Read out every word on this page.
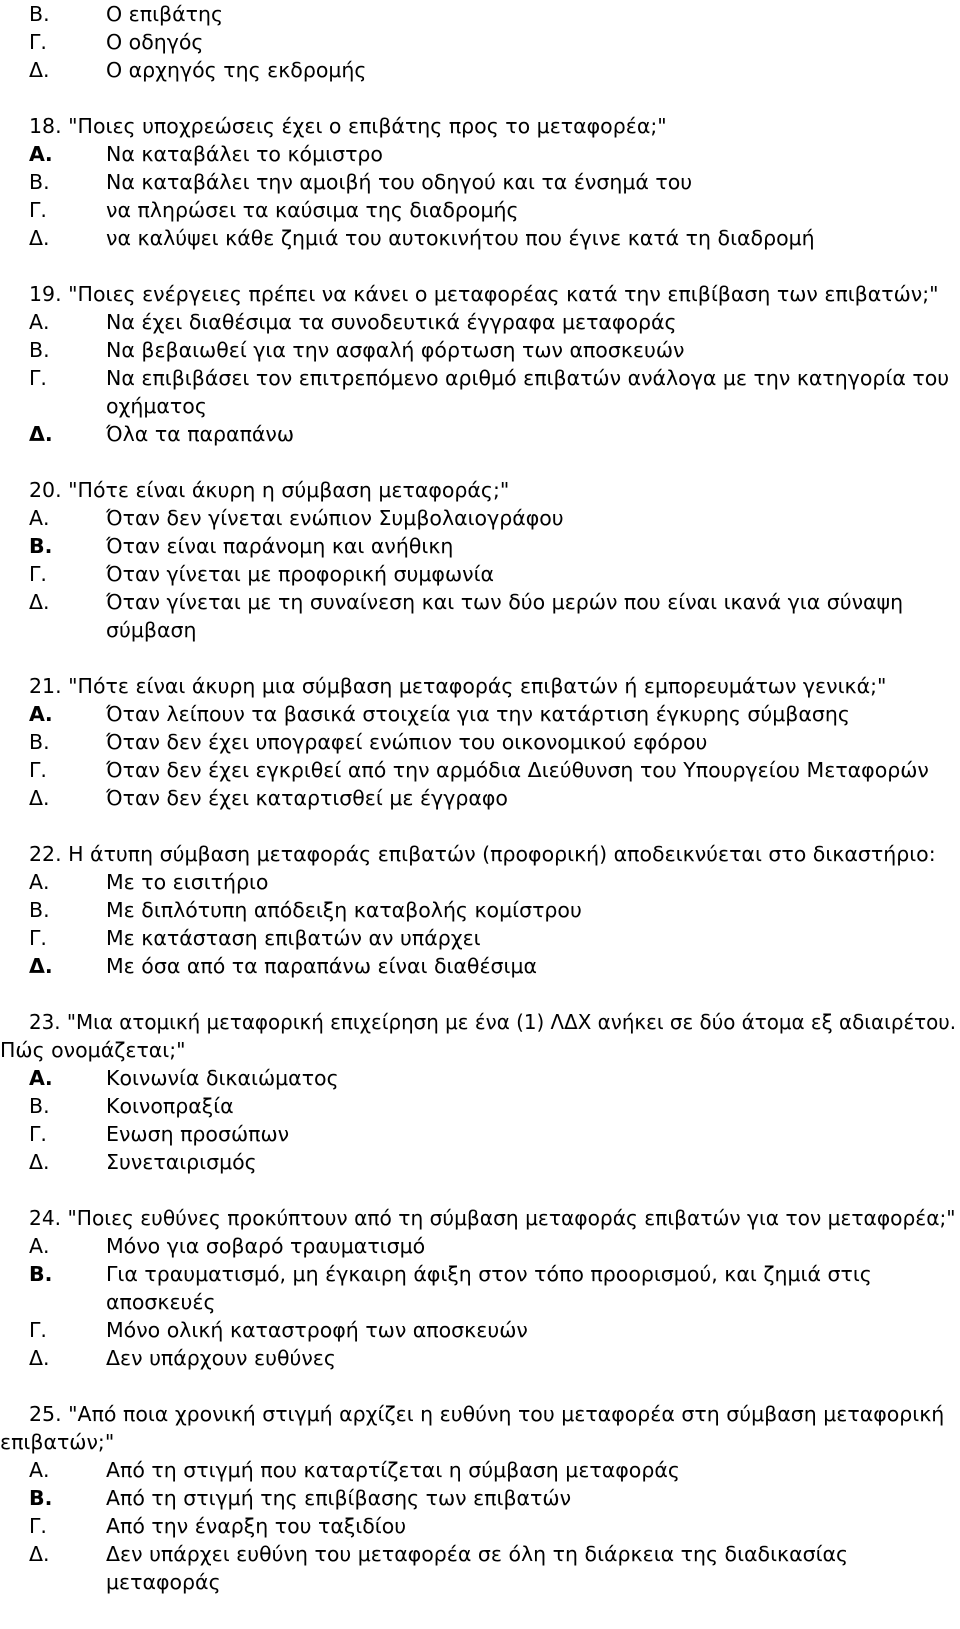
Β.	Ο επιβάτης
Γ.	Ο οδηγός
Δ.	Ο αρχηγός της εκδρομής
18. "Ποιες υποχρεώσεις έχει ο επιβάτης προς το μεταφορέα;"
Α.	Να καταβάλει το κόμιστρο
Β.	Να καταβάλει την αμοιβή του οδηγού και τα ένσημά του
Γ.	να πληρώσει τα καύσιμα της διαδρομής
Δ.	να καλύψει κάθε ζημιά του αυτοκινήτου που έγινε κατά τη διαδρομή
19. "Ποιες ενέργειες πρέπει να κάνει ο μεταφορέας κατά την επιβίβαση των επιβατών;"
Α.	Να έχει διαθέσιμα τα συνοδευτικά έγγραφα μεταφοράς
Β.	Να βεβαιωθεί για την ασφαλή φόρτωση των αποσκευών
Γ.	Να επιβιβάσει τον επιτρεπόμενο αριθμό επιβατών ανάλογα με την κατηγορία του
οχήματος
Δ.	Όλα τα παραπάνω
20. "Πότε είναι άκυρη η σύμβαση μεταφοράς;"
Α.	Όταν δεν γίνεται ενώπιον Συμβολαιογράφου
Β.	Όταν είναι παράνομη και ανήθικη
Γ.	Όταν γίνεται με προφορική συμφωνία
Δ.	Όταν γίνεται με τη συναίνεση και των δύο μερών που είναι ικανά για σύναψη
σύμβαση
21. "Πότε είναι άκυρη μια σύμβαση μεταφοράς επιβατών ή εμπορευμάτων γενικά;"
Α.	Όταν λείπουν τα βασικά στοιχεία για την κατάρτιση έγκυρης σύμβασης
Β.	Όταν δεν έχει υπογραφεί ενώπιον του οικονομικού εφόρου
Γ.	Όταν δεν έχει εγκριθεί από την αρμόδια Διεύθυνση του Υπουργείου Μεταφορών
Δ.	Όταν δεν έχει καταρτισθεί με έγγραφο
22. Η άτυπη σύμβαση μεταφοράς επιβατών (προφορική) αποδεικνύεται στο δικαστήριο:
Α.	Με το εισιτήριο
Β.	Με διπλότυπη απόδειξη καταβολής κομίστρου
Γ.	Με κατάσταση επιβατών αν υπάρχει
Δ.	Με όσα από τα παραπάνω είναι διαθέσιμα
23. "Μια ατομική μεταφορική επιχείρηση με ένα (1) ΛΔΧ ανήκει σε δύο άτομα εξ αδιαιρέτου.
Πώς ονομάζεται;"
Α.	Κοινωνία δικαιώματος
Β.	Κοινοπραξία
Γ.	Ενωση προσώπων
Δ.	Συνεταιρισμός
24. "Ποιες ευθύνες προκύπτουν από τη σύμβαση μεταφοράς επιβατών για τον μεταφορέα;"
Α.	Μόνο για σοβαρό τραυματισμό
Β.	Για τραυματισμό, μη έγκαιρη άφιξη στον τόπο προορισμού, και ζημιά στις
αποσκευές
Γ.	Μόνο ολική καταστροφή των αποσκευών
Δ.	Δεν υπάρχουν ευθύνες
25. "Από ποια χρονική στιγμή αρχίζει η ευθύνη του μεταφορέα στη σύμβαση μεταφορική
επιβατών;"
Α.	Από τη στιγμή που καταρτίζεται η σύμβαση μεταφοράς
Β.	Από τη στιγμή της επιβίβασης των επιβατών
Γ.	Από την έναρξη του ταξιδίου
Δ.	Δεν υπάρχει ευθύνη του μεταφορέα σε όλη τη διάρκεια της διαδικασίας
μεταφοράς
